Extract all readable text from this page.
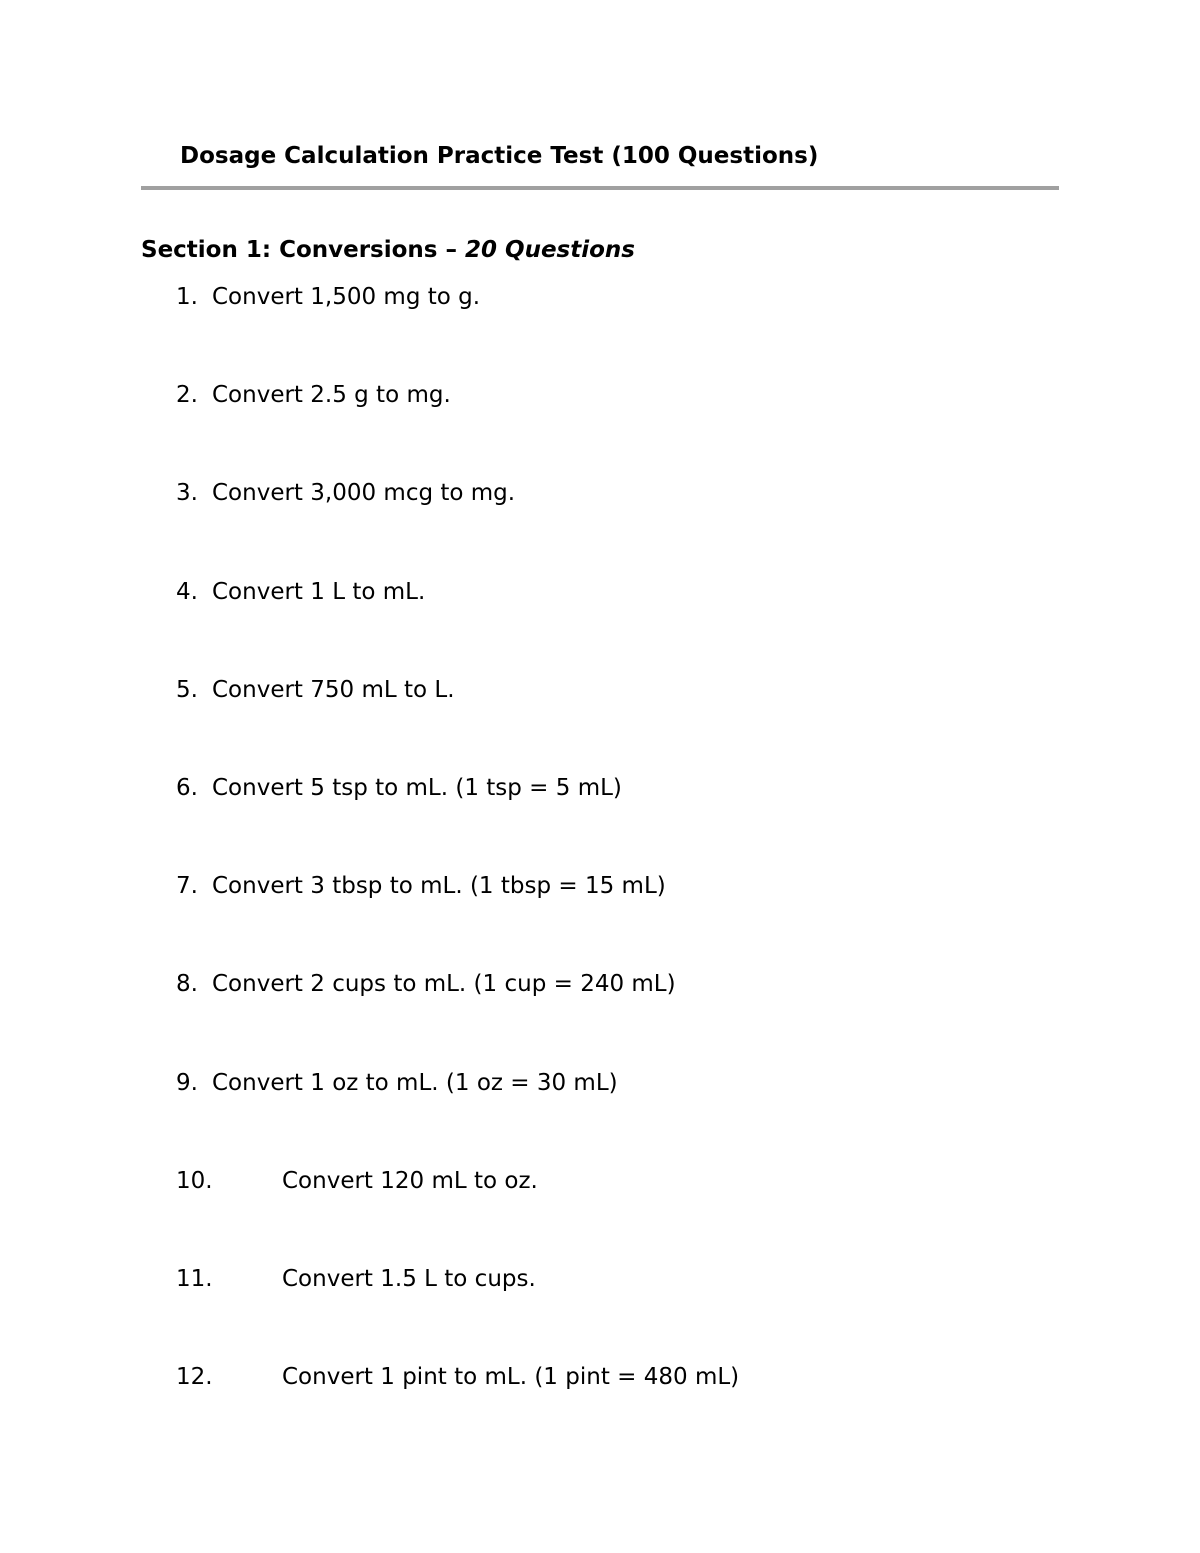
Dosage Calculation Practice Test (100 Questions)
Section 1: Conversions – 20 Questions
1. Convert 1,500 mg to g.
2. Convert 2.5 g to mg.
3. Convert 3,000 mcg to mg.
4. Convert 1 L to mL.
5. Convert 750 mL to L.
6. Convert 5 tsp to mL. (1 tsp = 5 mL)
7. Convert 3 tbsp to mL. (1 tbsp = 15 mL)
8. Convert 2 cups to mL. (1 cup = 240 mL)
9. Convert 1 oz to mL. (1 oz = 30 mL)
10.	Convert 120 mL to oz.
11.	Convert 1.5 L to cups.
12.	Convert 1 pint to mL. (1 pint = 480 mL)
